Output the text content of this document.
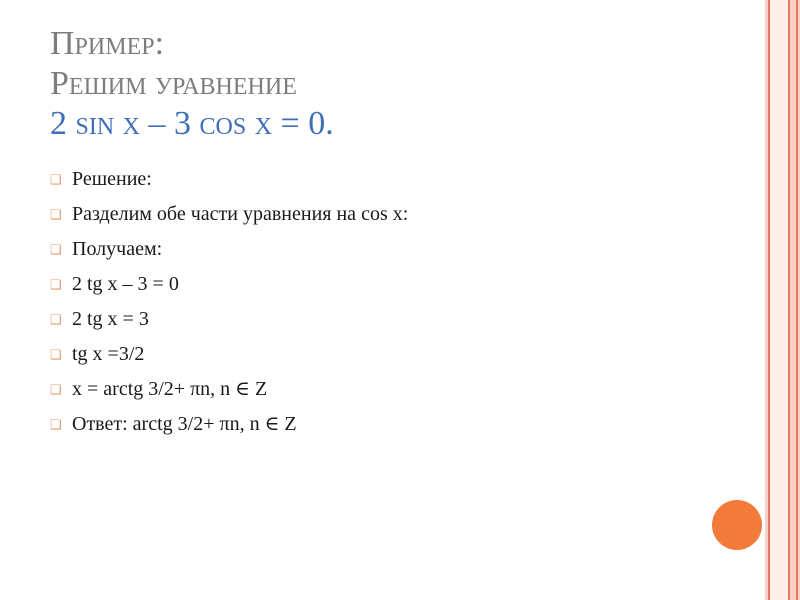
Пример:
Решим уравнение
2 sin x – 3 cos x = 0.
❑ Решение:
❑ Разделим обе части уравнения на cos x:
❑ Получаем:
❑ 2 tg x – 3 = 0
❑ 2 tg x = 3
❑ tg x =3/2
❑ x = arctg 3/2+ πn, n ∈ Z
❑ Ответ: arctg 3/2+ πn, n ∈ Z
